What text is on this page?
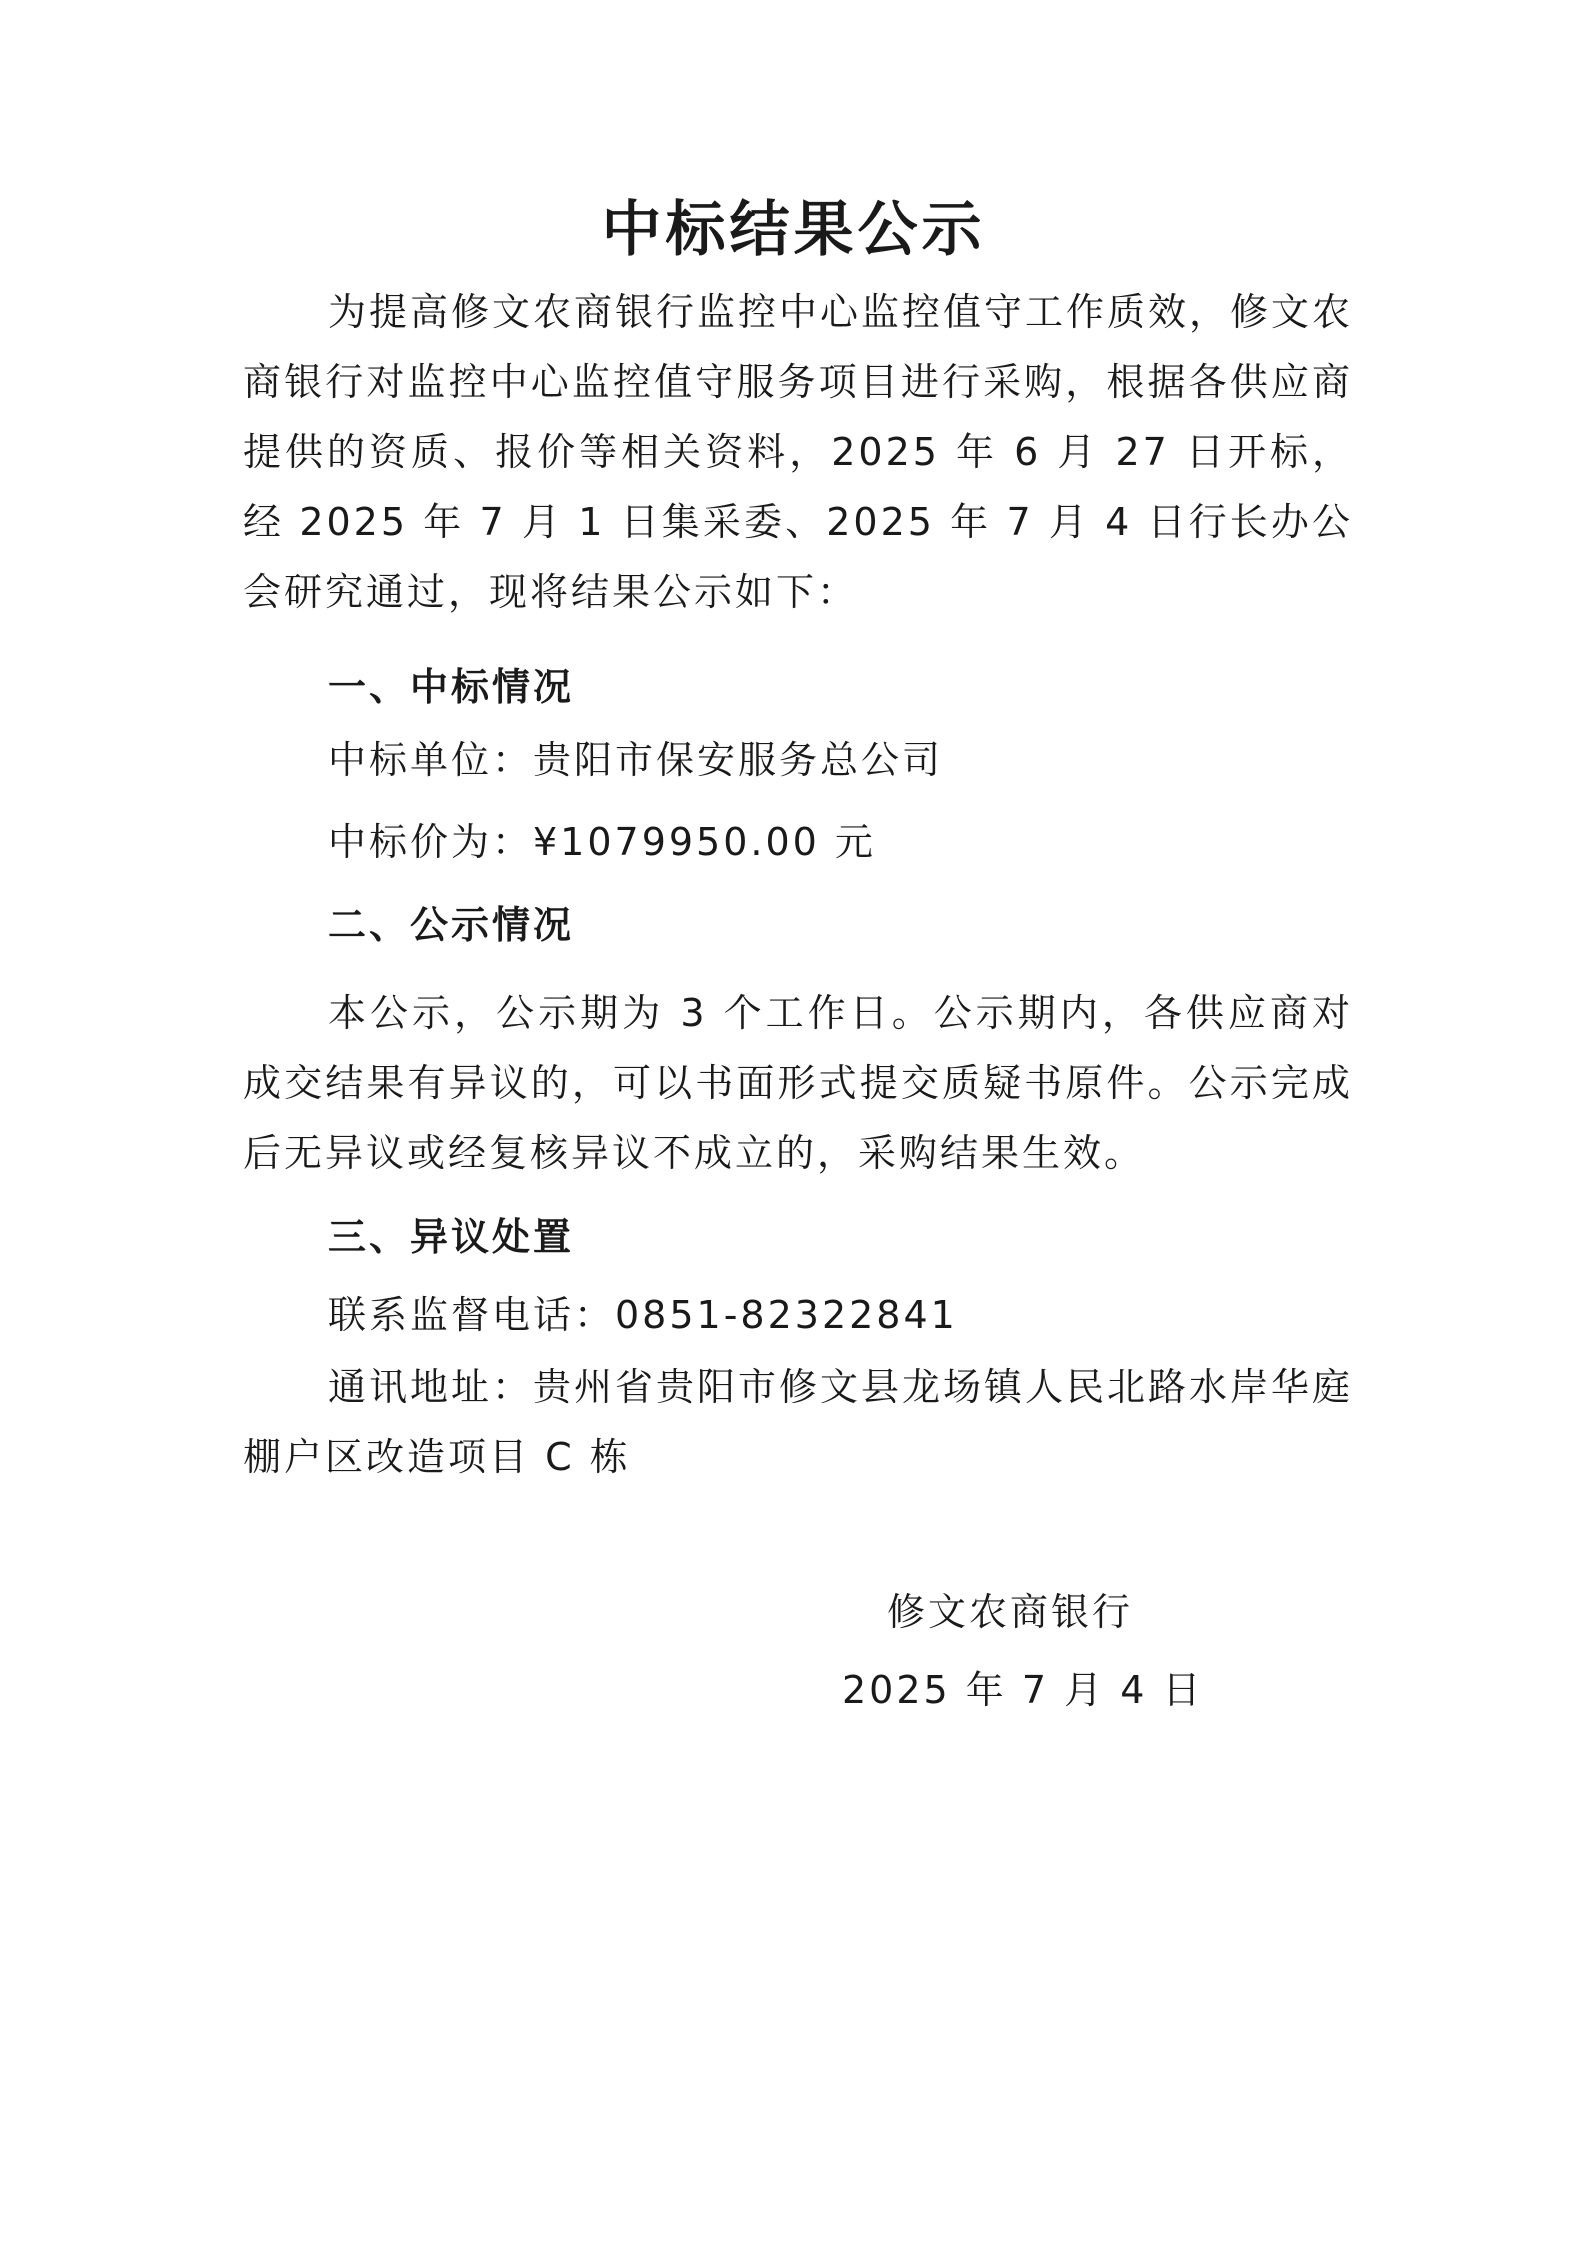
中标结果公示

为提高修文农商银行监控中心监控值守工作质效，修文农商银行对监控中心监控值守服务项目进行采购，根据各供应商提供的资质、报价等相关资料，2025 年 6 月 27 日开标，经 2025 年 7 月 1 日集采委、2025 年 7 月 4 日行长办公会研究通过，现将结果公示如下：

一、中标情况

中标单位：贵阳市保安服务总公司

中标价为：¥1079950.00 元

二、公示情况

本公示，公示期为 3 个工作日。公示期内，各供应商对成交结果有异议的，可以书面形式提交质疑书原件。公示完成后无异议或经复核异议不成立的，采购结果生效。

三、异议处置

联系监督电话：0851-82322841

通讯地址：贵州省贵阳市修文县龙场镇人民北路水岸华庭棚户区改造项目 C 栋

修文农商银行

2025 年 7 月 4 日
